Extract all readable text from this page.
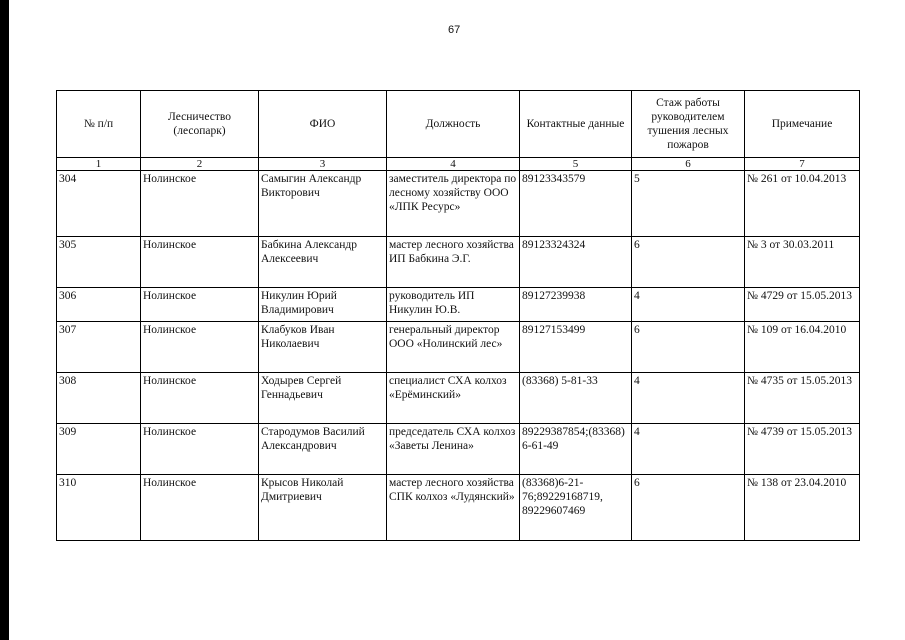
67
№ п/п	Лесничество (лесопарк)	ФИО	Должность	Контактные данные	Стаж работы руководителем тушения лесных пожаров	Примечание
1	2	3	4	5	6	7
304	Нолинское	Самыгин Александр Викторович	заместитель директора по лесному хозяйству ООО «ЛПК Ресурс»	89123343579	5	№ 261 от 10.04.2013
305	Нолинское	Бабкина Александр Алексеевич	мастер лесного хозяйства ИП Бабкина Э.Г.	89123324324	6	№ 3 от 30.03.2011
306	Нолинское	Никулин Юрий Владимирович	руководитель ИП Никулин Ю.В.	89127239938	4	№ 4729 от 15.05.2013
307	Нолинское	Клабуков Иван Николаевич	генеральный директор ООО «Нолинский лес»	89127153499	6	№ 109 от 16.04.2010
308	Нолинское	Ходырев Сергей Геннадьевич	специалист СХА колхоз «Ерёминский»	(83368) 5-81-33	4	№ 4735 от 15.05.2013
309	Нолинское	Стародумов Василий Александрович	председатель СХА колхоз «Заветы Ленина»	89229387854;(83368) 6-61-49	4	№ 4739 от 15.05.2013
310	Нолинское	Крысов Николай Дмитриевич	мастер лесного хозяйства СПК колхоз «Лудянский»	(83368)6-21-76;89229168719, 89229607469	6	№ 138 от 23.04.2010
